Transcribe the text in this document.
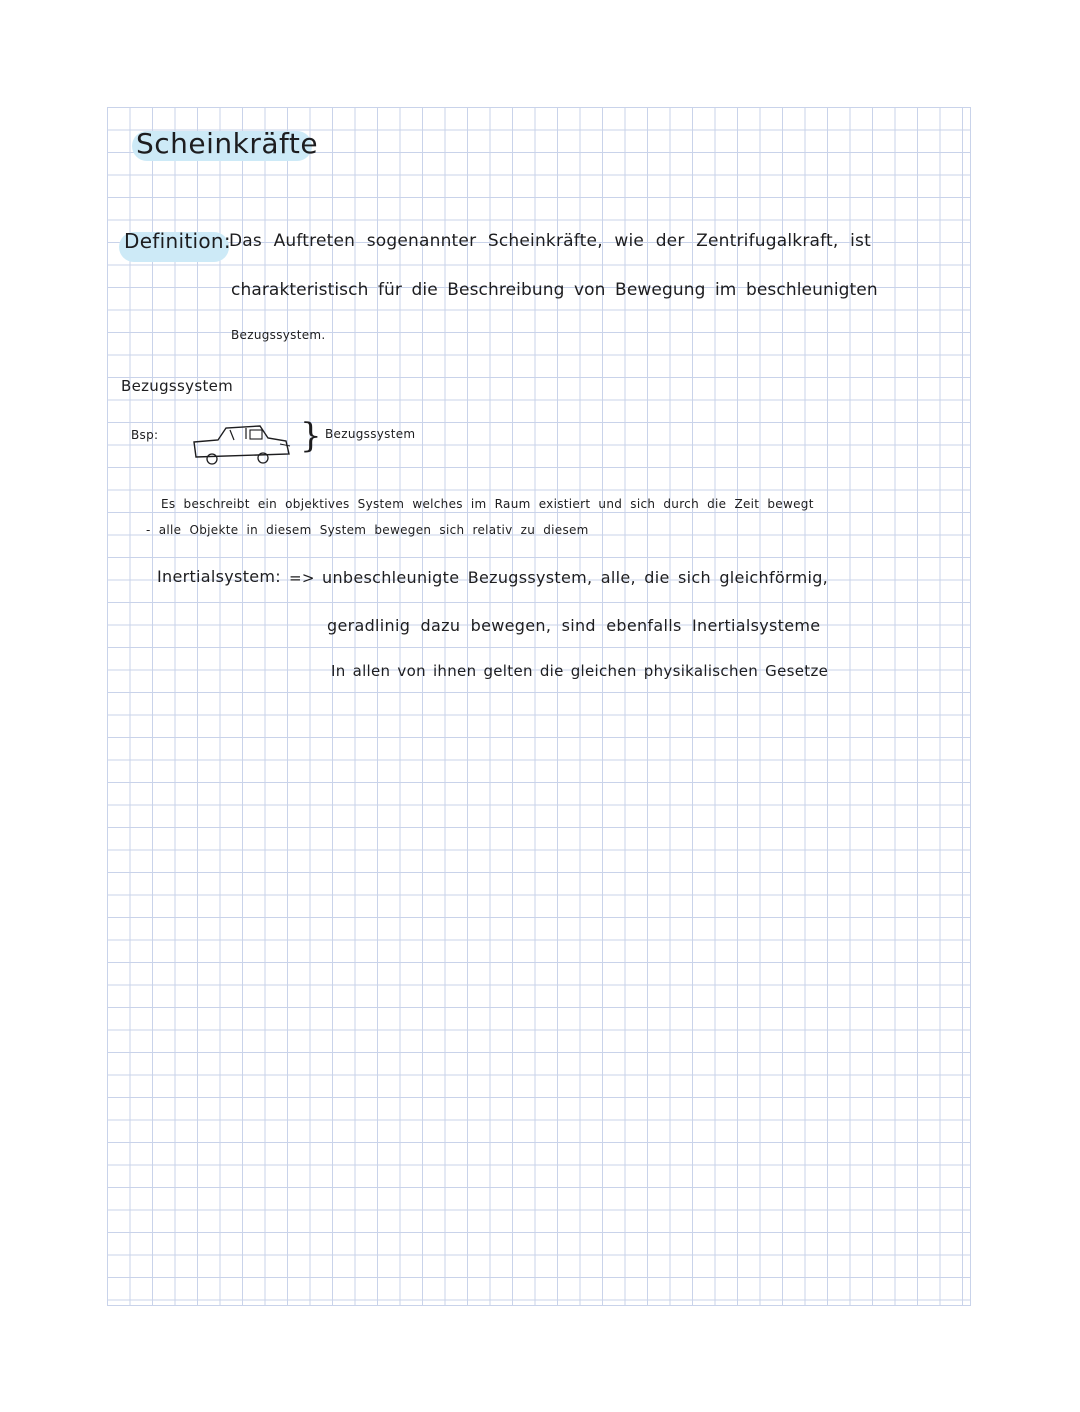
Scheinkräfte
Definition:
Das Auftreten sogenannter Scheinkräfte, wie der Zentrifugalkraft, ist
charakteristisch für die Beschreibung von Bewegung im beschleunigten
Bezugssystem.
Bezugssystem
Bsp:	} Bezugssystem
Es beschreibt ein objektives System welches im Raum existiert und sich durch die Zeit bewegt
- alle Objekte in diesem System bewegen sich relativ zu diesem
Inertialsystem: => unbeschleunigte Bezugssystem, alle, die sich gleichförmig,
geradlinig dazu bewegen, sind ebenfalls Inertialsysteme
In allen von ihnen gelten die gleichen physikalischen Gesetze
